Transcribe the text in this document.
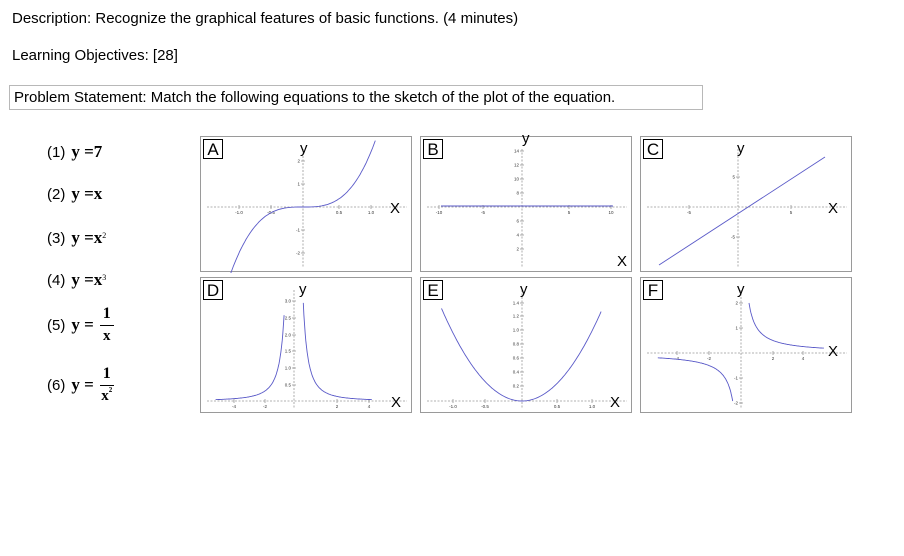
Description: Recognize the graphical features of basic functions. (4 minutes)
Learning Objectives: [28]
Problem Statement: Match the following equations to the sketch of the plot of the equation.
(1) y = 7
(2) y = x
(3) $y = x^2$
(4) $y = x^3$
(5) $y = \frac{1}{x}$
(6) $y = \frac{1}{x^2}$
-1.0	-0.5	0.5	1.0
2
1
-1
-2
A	y
X	-10	-5	5	10
14
12
10
8
6
4
2
B
y
X
-5	5
5
-5
C	y
X
-4	-2	2	4
3.0
2.5
2.0
1.5
1.0
0.5
D	y
X	-1.0	-0.5	0.5	1.0
1.4
1.2
1.0
0.8
0.6
0.4
0.2
E	y
X
-4	-2	2	4
2
1
-1
-2
F	y
X
